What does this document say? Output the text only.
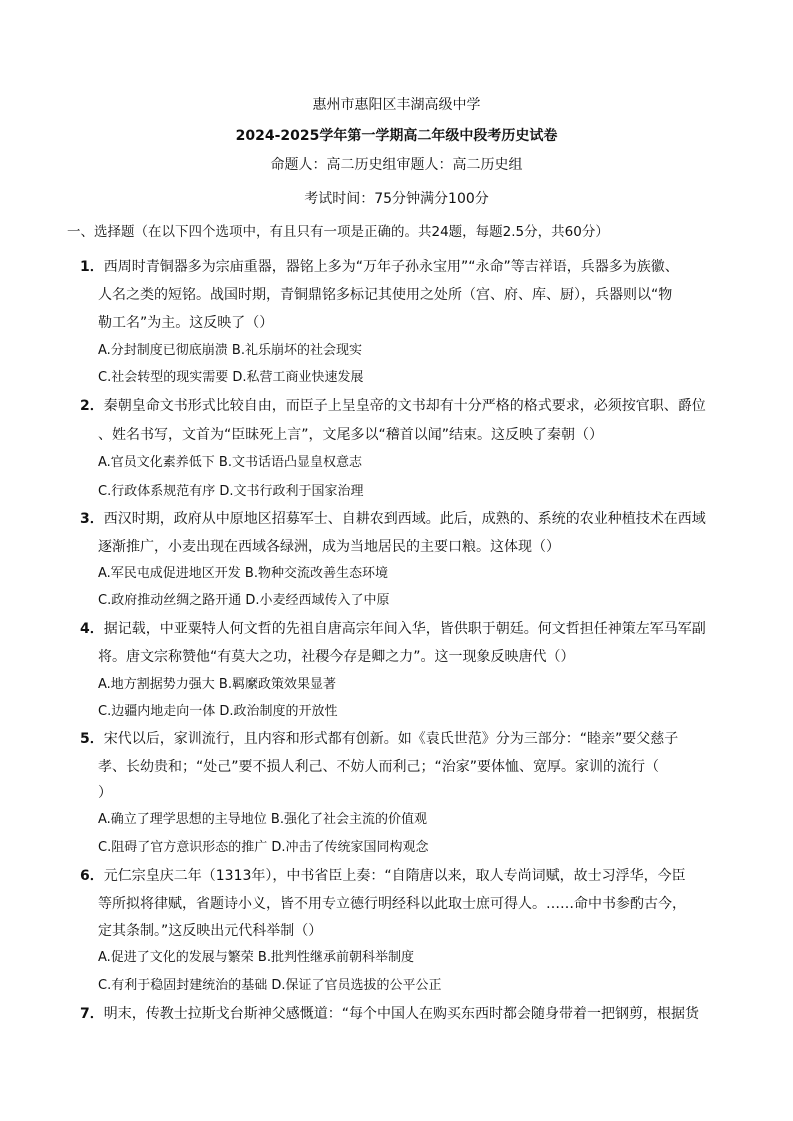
惠州市惠阳区丰湖高级中学
2024-2025学年第一学期高二年级中段考历史试卷
命题人：高二历史组审题人：高二历史组
考试时间：75分钟满分100分
一、选择题（在以下四个选项中，有且只有一项是正确的。共24题，每题2.5分，共60分）
1．西周时青铜器多为宗庙重器，器铭上多为“万年子孙永宝用”“永命”等吉祥语，兵器多为族徽、
人名之类的短铭。战国时期，青铜鼎铭多标记其使用之处所（宫、府、库、厨），兵器则以“物
勒工名”为主。这反映了（）
A.分封制度已彻底崩溃 B.礼乐崩坏的社会现实
C.社会转型的现实需要 D.私营工商业快速发展
2．秦朝皇命文书形式比较自由，而臣子上呈皇帝的文书却有十分严格的格式要求，必须按官职、爵位
、姓名书写，文首为“臣昧死上言”，文尾多以“稽首以闻”结束。这反映了秦朝（）
A.官员文化素养低下 B.文书话语凸显皇权意志
C.行政体系规范有序 D.文书行政利于国家治理
3．西汉时期，政府从中原地区招募军士、自耕农到西域。此后，成熟的、系统的农业种植技术在西域
逐渐推广，小麦出现在西域各绿洲，成为当地居民的主要口粮。这体现（）
A.军民屯成促进地区开发 B.物种交流改善生态环境
C.政府推动丝绸之路开通 D.小麦经西域传入了中原
4．据记载，中亚粟特人何文哲的先祖自唐高宗年间入华，皆供职于朝廷。何文哲担任神策左军马军副
将。唐文宗称赞他“有莫大之功，社稷今存是卿之力”。这一现象反映唐代（）
A.地方割据势力强大 B.羁縻政策效果显著
C.边疆内地走向一体 D.政治制度的开放性
5．宋代以后，家训流行，且内容和形式都有创新。如《袁氏世范》分为三部分：“睦亲”要父慈子
孝、长幼贵和；“处己”要不损人利己、不妨人而利己；“治家”要体恤、宽厚。家训的流行（
）
A.确立了理学思想的主导地位 B.强化了社会主流的价值观
C.阻碍了官方意识形态的推广 D.冲击了传统家国同构观念
6．元仁宗皇庆二年（1313年），中书省臣上奏：“自隋唐以来，取人专尚词赋，故士习浮华，今臣
等所拟将律赋，省题诗小义，皆不用专立德行明经科以此取士庶可得人。……命中书参酌古今，
定其条制。”这反映出元代科举制（）
A.促进了文化的发展与繁荣 B.批判性继承前朝科举制度
C.有利于稳固封建统治的基础 D.保证了官员选拔的公平公正
7．明末，传教士拉斯戈台斯神父感慨道：“每个中国人在购买东西时都会随身带着一把钢剪，根据货
